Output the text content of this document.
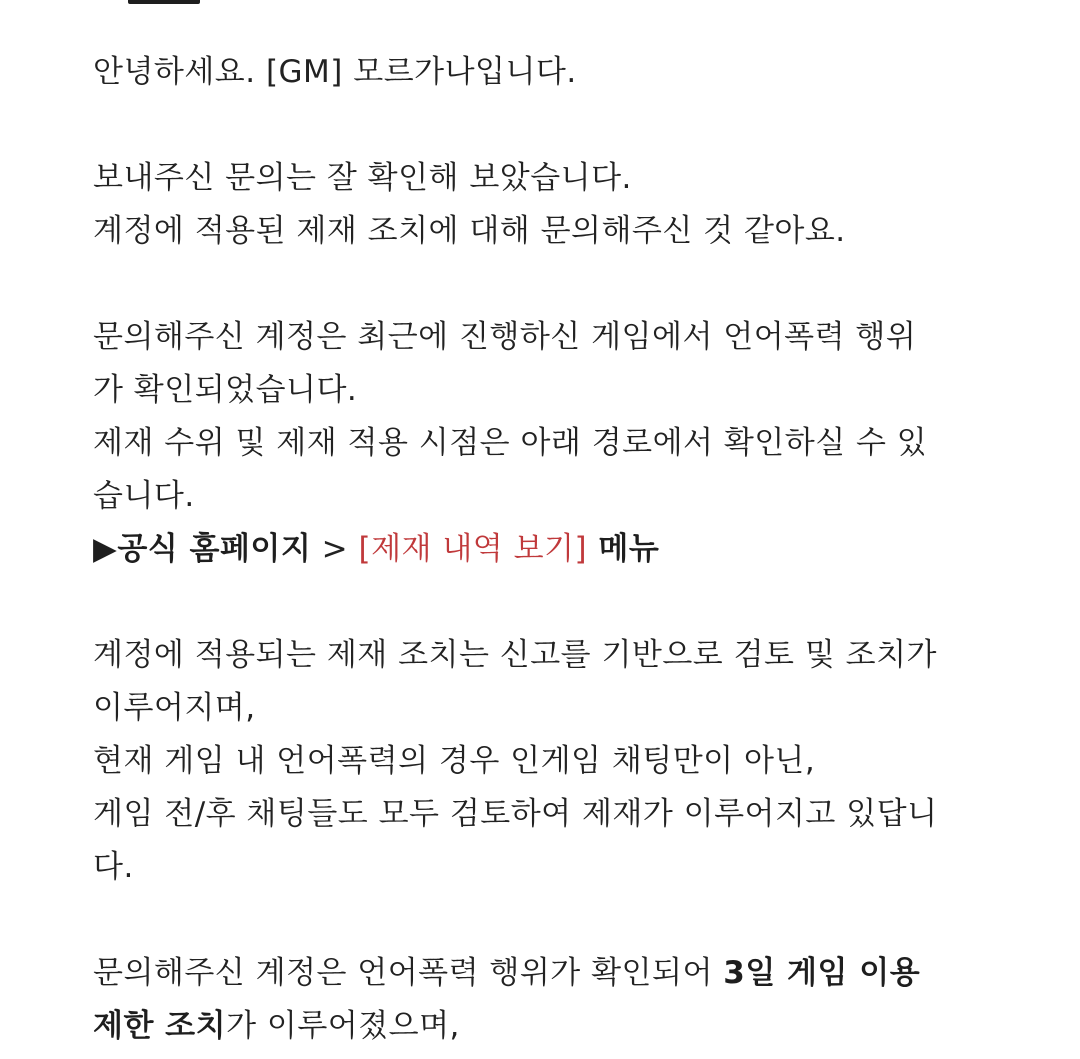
안녕하세요. [GM] 모르가나입니다.
보내주신 문의는 잘 확인해 보았습니다.
계정에 적용된 제재 조치에 대해 문의해주신 것 같아요.
문의해주신 계정은 최근에 진행하신 게임에서 언어폭력 행위
가 확인되었습니다.
제재 수위 및 제재 적용 시점은 아래 경로에서 확인하실 수 있
습니다.
▶공식 홈페이지 > [제재 내역 보기] 메뉴
계정에 적용되는 제재 조치는 신고를 기반으로 검토 및 조치가
이루어지며,
현재 게임 내 언어폭력의 경우 인게임 채팅만이 아닌,
게임 전/후 채팅들도 모두 검토하여 제재가 이루어지고 있답니
다.
문의해주신 계정은 언어폭력 행위가 확인되어 3일 게임 이용
제한 조치가 이루어졌으며,
